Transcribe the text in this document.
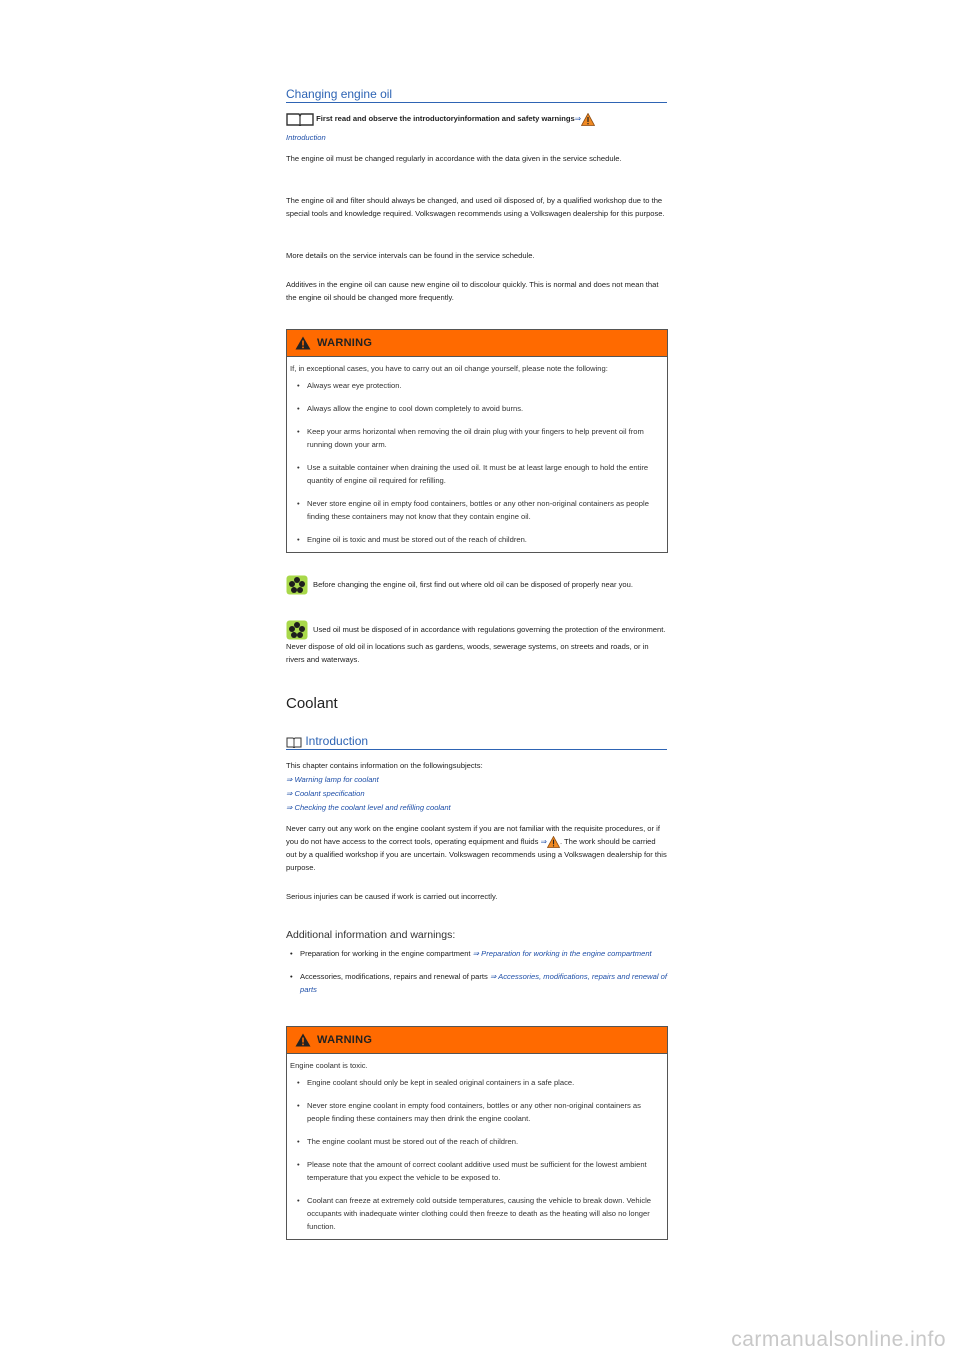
Changing engine oil
First read and observe the introductoryinformation and safety warnings⇒
Introduction
The engine oil must be changed regularly in accordance with the data given in the service schedule.
The engine oil and filter should always be changed, and used oil disposed of, by a qualified workshop due to the special tools and knowledge required. Volkswagen recommends using a Volkswagen dealership for this purpose.
More details on the service intervals can be found in the service schedule.
Additives in the engine oil can cause new engine oil to discolour quickly. This is normal and does not mean that the engine oil should be changed more frequently.
WARNING
If, in exceptional cases, you have to carry out an oil change yourself, please note the following:
• Always wear eye protection.
• Always allow the engine to cool down completely to avoid burns.
• Keep your arms horizontal when removing the oil drain plug with your fingers to help prevent oil from running down your arm.
• Use a suitable container when draining the used oil. It must be at least large enough to hold the entire quantity of engine oil required for refilling.
• Never store engine oil in empty food containers, bottles or any other non-original containers as people finding these containers may not know that they contain engine oil.
• Engine oil is toxic and must be stored out of the reach of children.
Before changing the engine oil, first find out where old oil can be disposed of properly near you.
Used oil must be disposed of in accordance with regulations governing the protection of the environment. Never dispose of old oil in locations such as gardens, woods, sewerage systems, on streets and roads, or in rivers and waterways.
Coolant
Introduction
This chapter contains information on the followingsubjects:
⇒ Warning lamp for coolant
⇒ Coolant specification
⇒ Checking the coolant level and refilling coolant
Never carry out any work on the engine coolant system if you are not familiar with the requisite procedures, or if you do not have access to the correct tools, operating equipment and fluids ⇒ . The work should be carried out by a qualified workshop if you are uncertain. Volkswagen recommends using a Volkswagen dealership for this purpose.
Serious injuries can be caused if work is carried out incorrectly.
Additional information and warnings:
• Preparation for working in the engine compartment ⇒ Preparation for working in the engine compartment
• Accessories, modifications, repairs and renewal of parts ⇒ Accessories, modifications, repairs and renewal of parts
WARNING
Engine coolant is toxic.
• Engine coolant should only be kept in sealed original containers in a safe place.
• Never store engine coolant in empty food containers, bottles or any other non-original containers as people finding these containers may then drink the engine coolant.
• The engine coolant must be stored out of the reach of children.
• Please note that the amount of correct coolant additive used must be sufficient for the lowest ambient temperature that you expect the vehicle to be exposed to.
• Coolant can freeze at extremely cold outside temperatures, causing the vehicle to break down. Vehicle occupants with inadequate winter clothing could then freeze to death as the heating will also no longer function.
carmanualsonline.info
